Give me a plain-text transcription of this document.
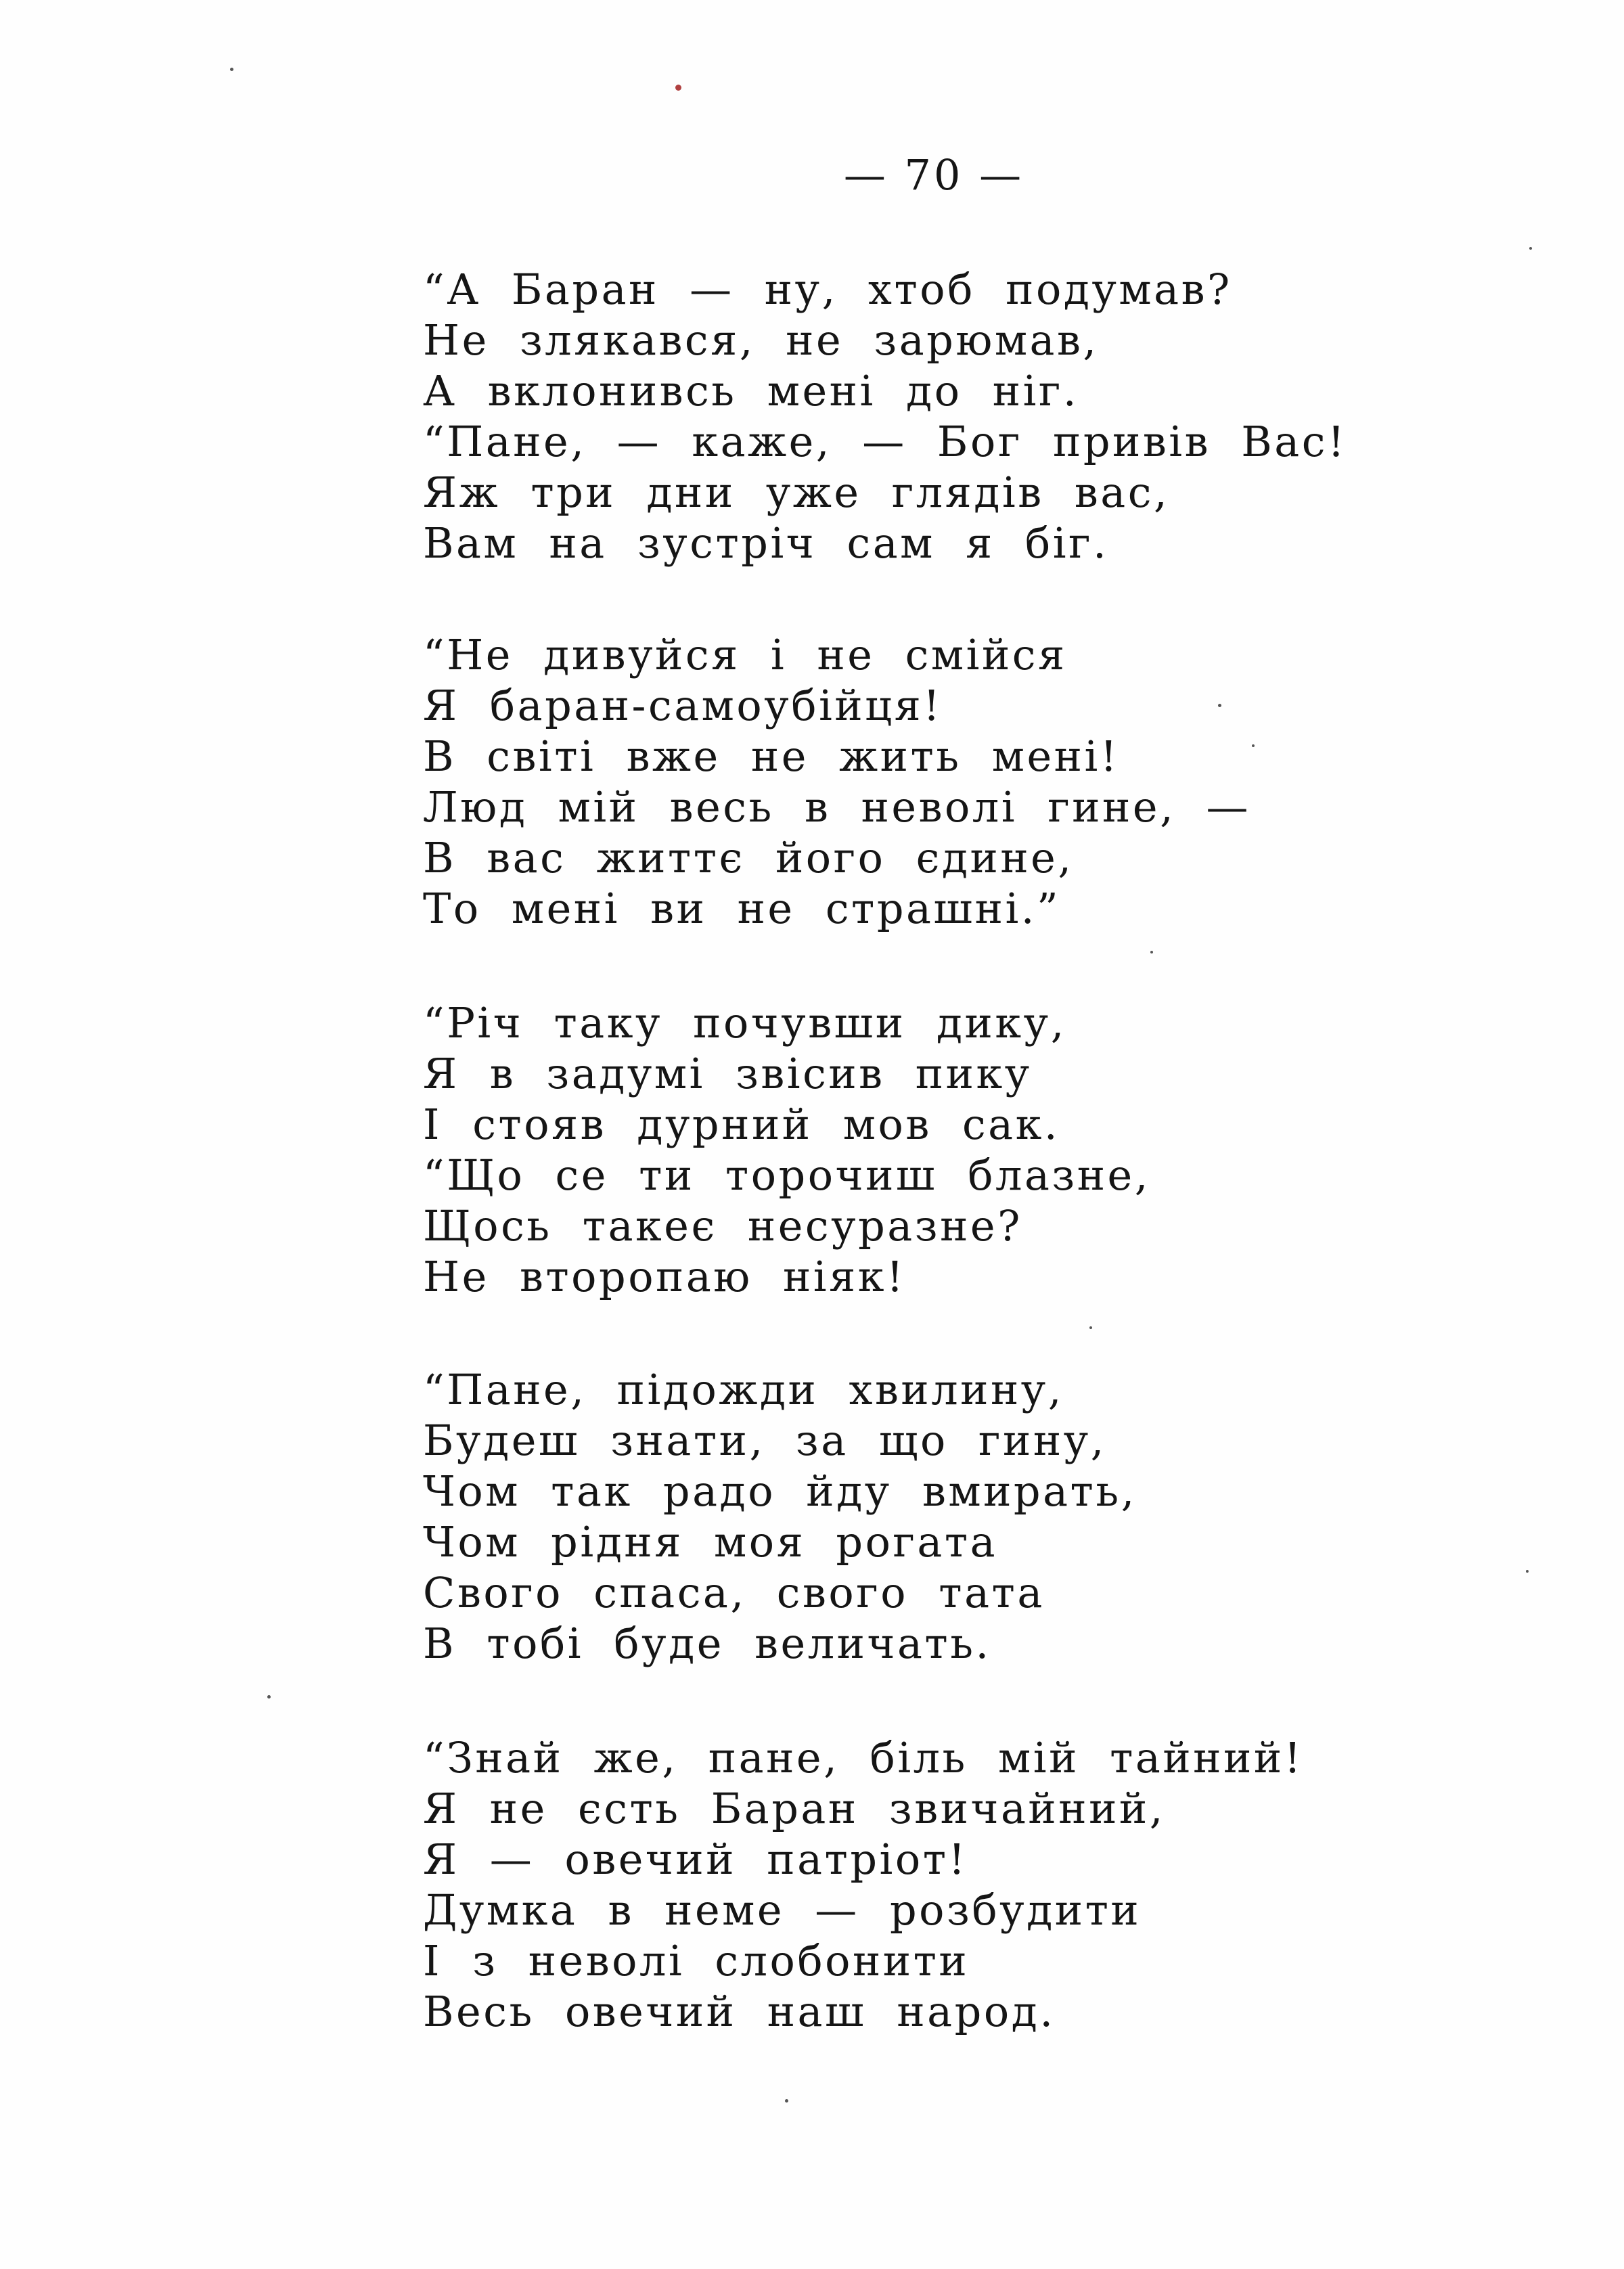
— 70 —
“А Баран — ну, хтоб подумав?
Не злякався, не зарюмав,
А вклонивсь мені до ніг.
“Пане, — каже, — Бог привів Вас!
Яж три дни уже глядів вас,
Вам на зустріч сам я біг.
“Не дивуйся і не смійся
Я баран-самоубійця!
В світі вже не жить мені!
Люд мій весь в неволі гине, —
В вас життє його єдине,
То мені ви не страшні.”
“Річ таку почувши дику,
Я в задумі звісив пику
І стояв дурний мов сак.
“Що се ти торочиш блазне,
Щось такеє несуразне?
Не второпаю ніяк!
“Пане, підожди хвилину,
Будеш знати, за що гину,
Чом так радо йду вмирать,
Чом рідня моя рогата
Свого спаса, свого тата
В тобі буде величать.
“Знай же, пане, біль мій тайний!
Я не єсть Баран звичайний,
Я — овечий патріот!
Думка в неме — розбудити
І з неволі слобонити
Весь овечий наш народ.
